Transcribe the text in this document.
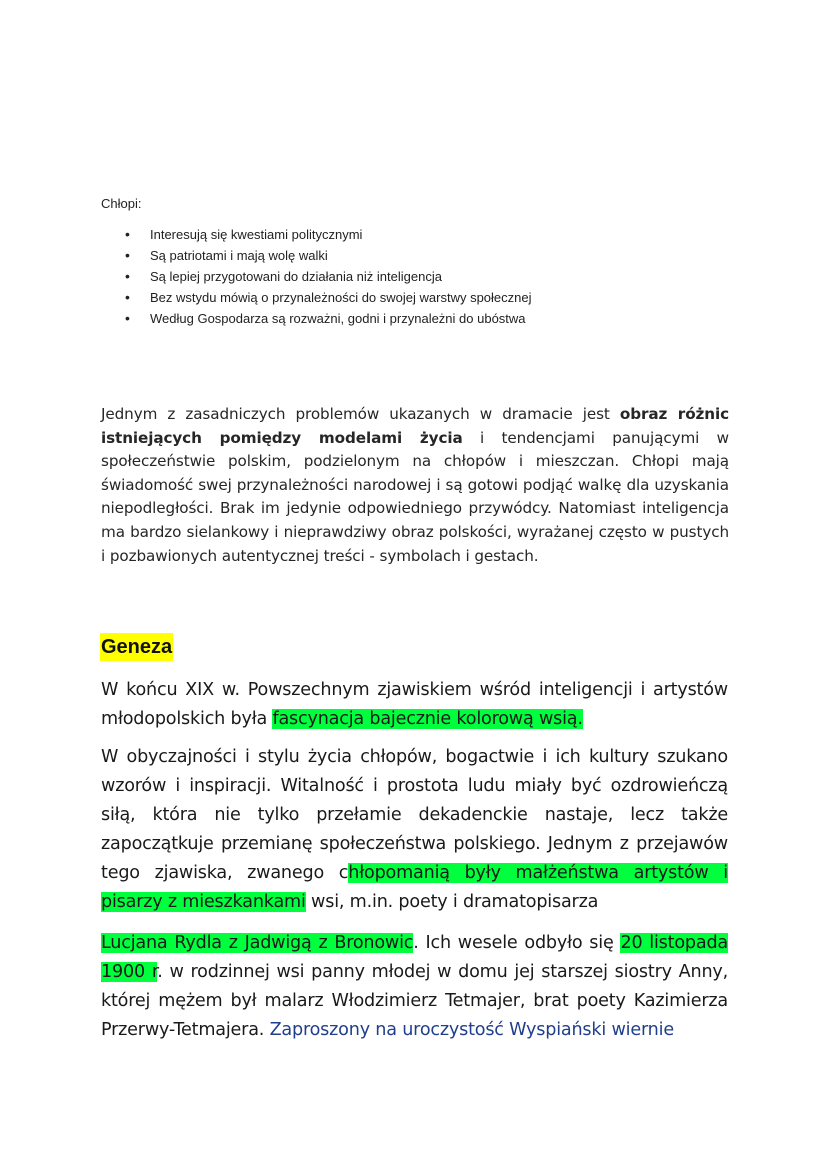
Chłopi:

• Interesują się kwestiami politycznymi
• Są patriotami i mają wolę walki
• Są lepiej przygotowani do działania niż inteligencja
• Bez wstydu mówią o przynależności do swojej warstwy społecznej
• Według Gospodarza są rozważni, godni i przynależni do ubóstwa

Jednym z zasadniczych problemów ukazanych w dramacie jest obraz różnic istniejących pomiędzy modelami życia i tendencjami panującymi w społeczeństwie polskim, podzielonym na chłopów i mieszczan. Chłopi mają świadomość swej przynależności narodowej i są gotowi podjąć walkę dla uzyskania niepodległości. Brak im jedynie odpowiedniego przywódcy. Natomiast inteligencja ma bardzo sielankowy i nieprawdziwy obraz polskości, wyrażanej często w pustych i pozbawionych autentycznej treści - symbolach i gestach.

Geneza

W końcu XIX w. Powszechnym zjawiskiem wśród inteligencji i artystów młodopolskich była fascynacja bajecznie kolorową wsią.

W obyczajności i stylu życia chłopów, bogactwie i ich kultury szukano wzorów i inspiracji. Witalność i prostota ludu miały być ozdrowieńczą siłą, która nie tylko przełamie dekadenckie nastaje, lecz także zapoczątkuje przemianę społeczeństwa polskiego. Jednym z przejawów tego zjawiska, zwanego chłopomanią były małżeństwa artystów i pisarzy z mieszkankami wsi, m.in. poety i dramatopisarza

Lucjana Rydla z Jadwigą z Bronowic. Ich wesele odbyło się 20 listopada 1900 r. w rodzinnej wsi panny młodej w domu jej starszej siostry Anny, której mężem był malarz Włodzimierz Tetmajer, brat poety Kazimierza Przerwy-Tetmajera. Zaproszony na uroczystość Wyspiański wiernie
